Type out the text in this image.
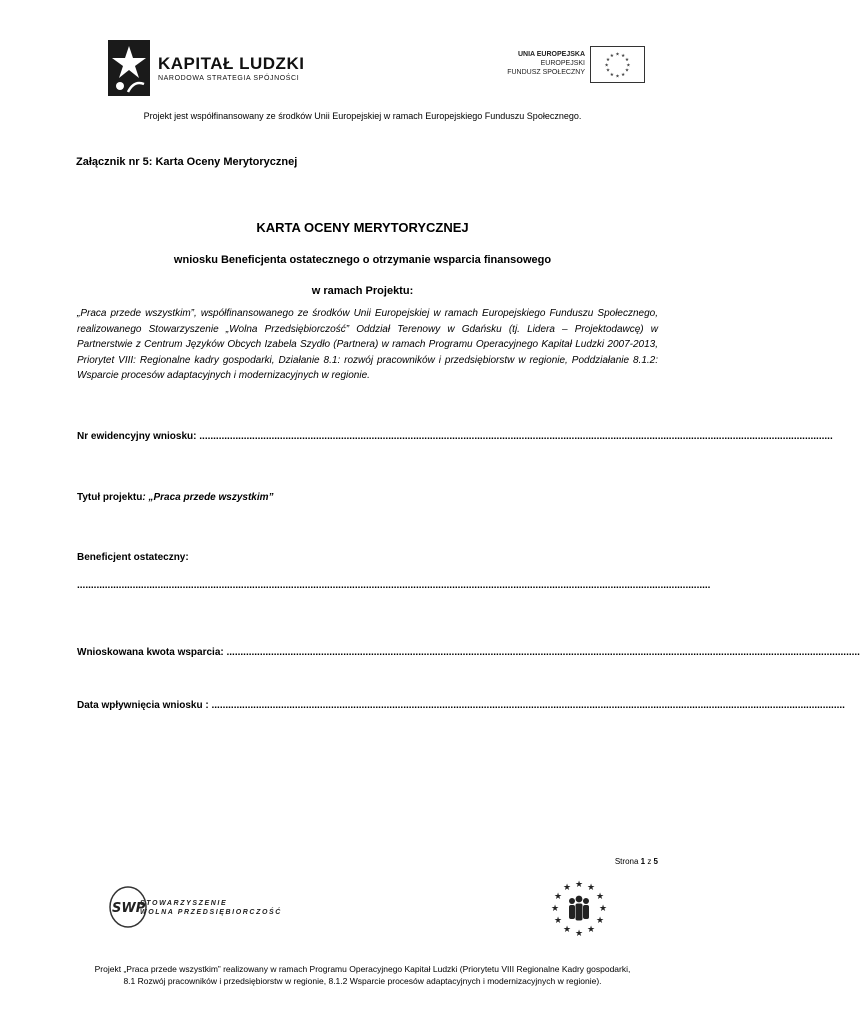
KAPITAŁ LUDZKI
NARODOWA STRATEGIA SPÓJNOŚCI
UNIA EUROPEJSKA
EUROPEJSKI
FUNDUSZ SPOŁECZNY
★ ★
★
★
★
★
★
★
★
★
★
★
Projekt jest współfinansowany ze środków Unii Europejskiej w ramach Europejskiego Funduszu Społecznego.
Załącznik nr 5: Karta Oceny Merytorycznej
KARTA OCENY MERYTORYCZNEJ
wniosku Beneficjenta ostatecznego o otrzymanie wsparcia finansowego
w ramach Projektu:
„Praca przede wszystkim”, współfinansowanego ze środków Unii Europejskiej w ramach Europejskiego Funduszu Społecznego, realizowanego Stowarzyszenie „Wolna Przedsiębiorczość” Oddział Terenowy w Gdańsku (tj. Lidera – Projektodawcę) w Partnerstwie z Centrum Języków Obcych Izabela Szydło (Partnera) w ramach Programu Operacyjnego Kapitał Ludzki 2007-2013, Priorytet VIII: Regionalne kadry gospodarki, Działanie 8.1: rozwój pracowników i przedsiębiorstw w regionie, Poddziałanie 8.1.2: Wsparcie procesów adaptacyjnych i modernizacyjnych w regionie.
Nr ewidencyjny wniosku: ....................................................................................................................................................................................................................................
Tytuł projektu: „Praca przede wszystkim”
Beneficjent ostateczny:
....................................................................................................................................................................................................................................
Wnioskowana kwota wsparcia: ....................................................................................................................................................................................................................................
Data wpływnięcia wniosku : ....................................................................................................................................................................................................................................
Strona 1 z 5
SWP
STOWARZYSZENIE
WOLNA PRZEDSIĘBIORCZOŚĆ
★ ★
★
★
★
★
★
★
★
★
★
★
Projekt „Praca przede wszystkim” realizowany w ramach Programu Operacyjnego Kapitał Ludzki (Priorytetu VIII Regionalne Kadry gospodarki,
8.1 Rozwój pracowników i przedsiębiorstw w regionie, 8.1.2 Wsparcie procesów adaptacyjnych i modernizacyjnych w regionie).
